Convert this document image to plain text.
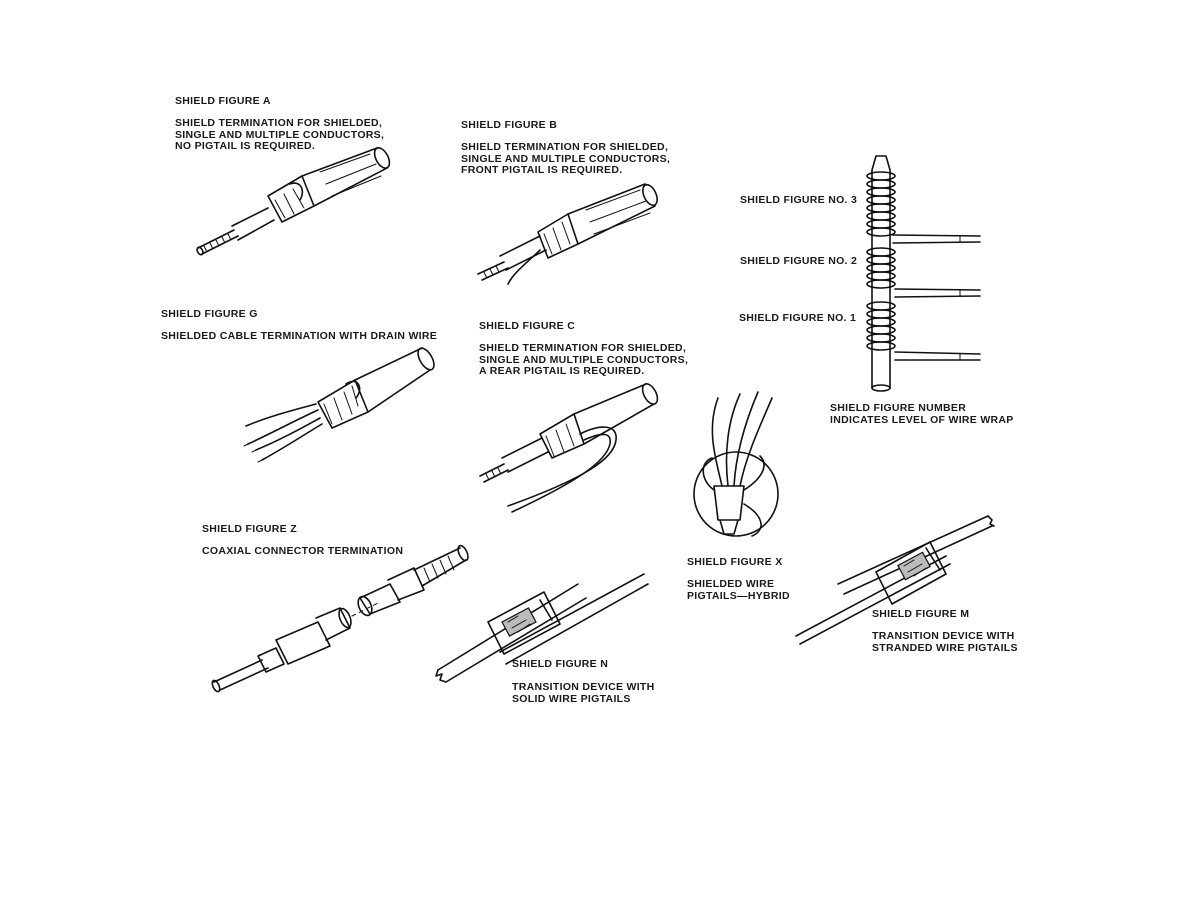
SHIELD FIGURE A
SHIELD TERMINATION FOR SHIELDED,
SINGLE AND MULTIPLE CONDUCTORS,
NO PIGTAIL IS REQUIRED.
SHIELD FIGURE B
SHIELD TERMINATION FOR SHIELDED,
SINGLE AND MULTIPLE CONDUCTORS,
FRONT PIGTAIL IS REQUIRED.
SHIELD FIGURE NO. 3
SHIELD FIGURE NO. 2
SHIELD FIGURE NO. 1
SHIELD FIGURE NUMBER
INDICATES LEVEL OF WIRE WRAP
SHIELD FIGURE G
SHIELDED CABLE TERMINATION WITH DRAIN WIRE
SHIELD FIGURE C
SHIELD TERMINATION FOR SHIELDED,
SINGLE AND MULTIPLE CONDUCTORS,
A REAR PIGTAIL IS REQUIRED.
SHIELD FIGURE Z
COAXIAL CONNECTOR TERMINATION
SHIELD FIGURE X
SHIELDED WIRE
PIGTAILS—HYBRID
SHIELD FIGURE M
TRANSITION DEVICE WITH
STRANDED WIRE PIGTAILS
SHIELD FIGURE N
TRANSITION DEVICE WITH
SOLID WIRE PIGTAILS
